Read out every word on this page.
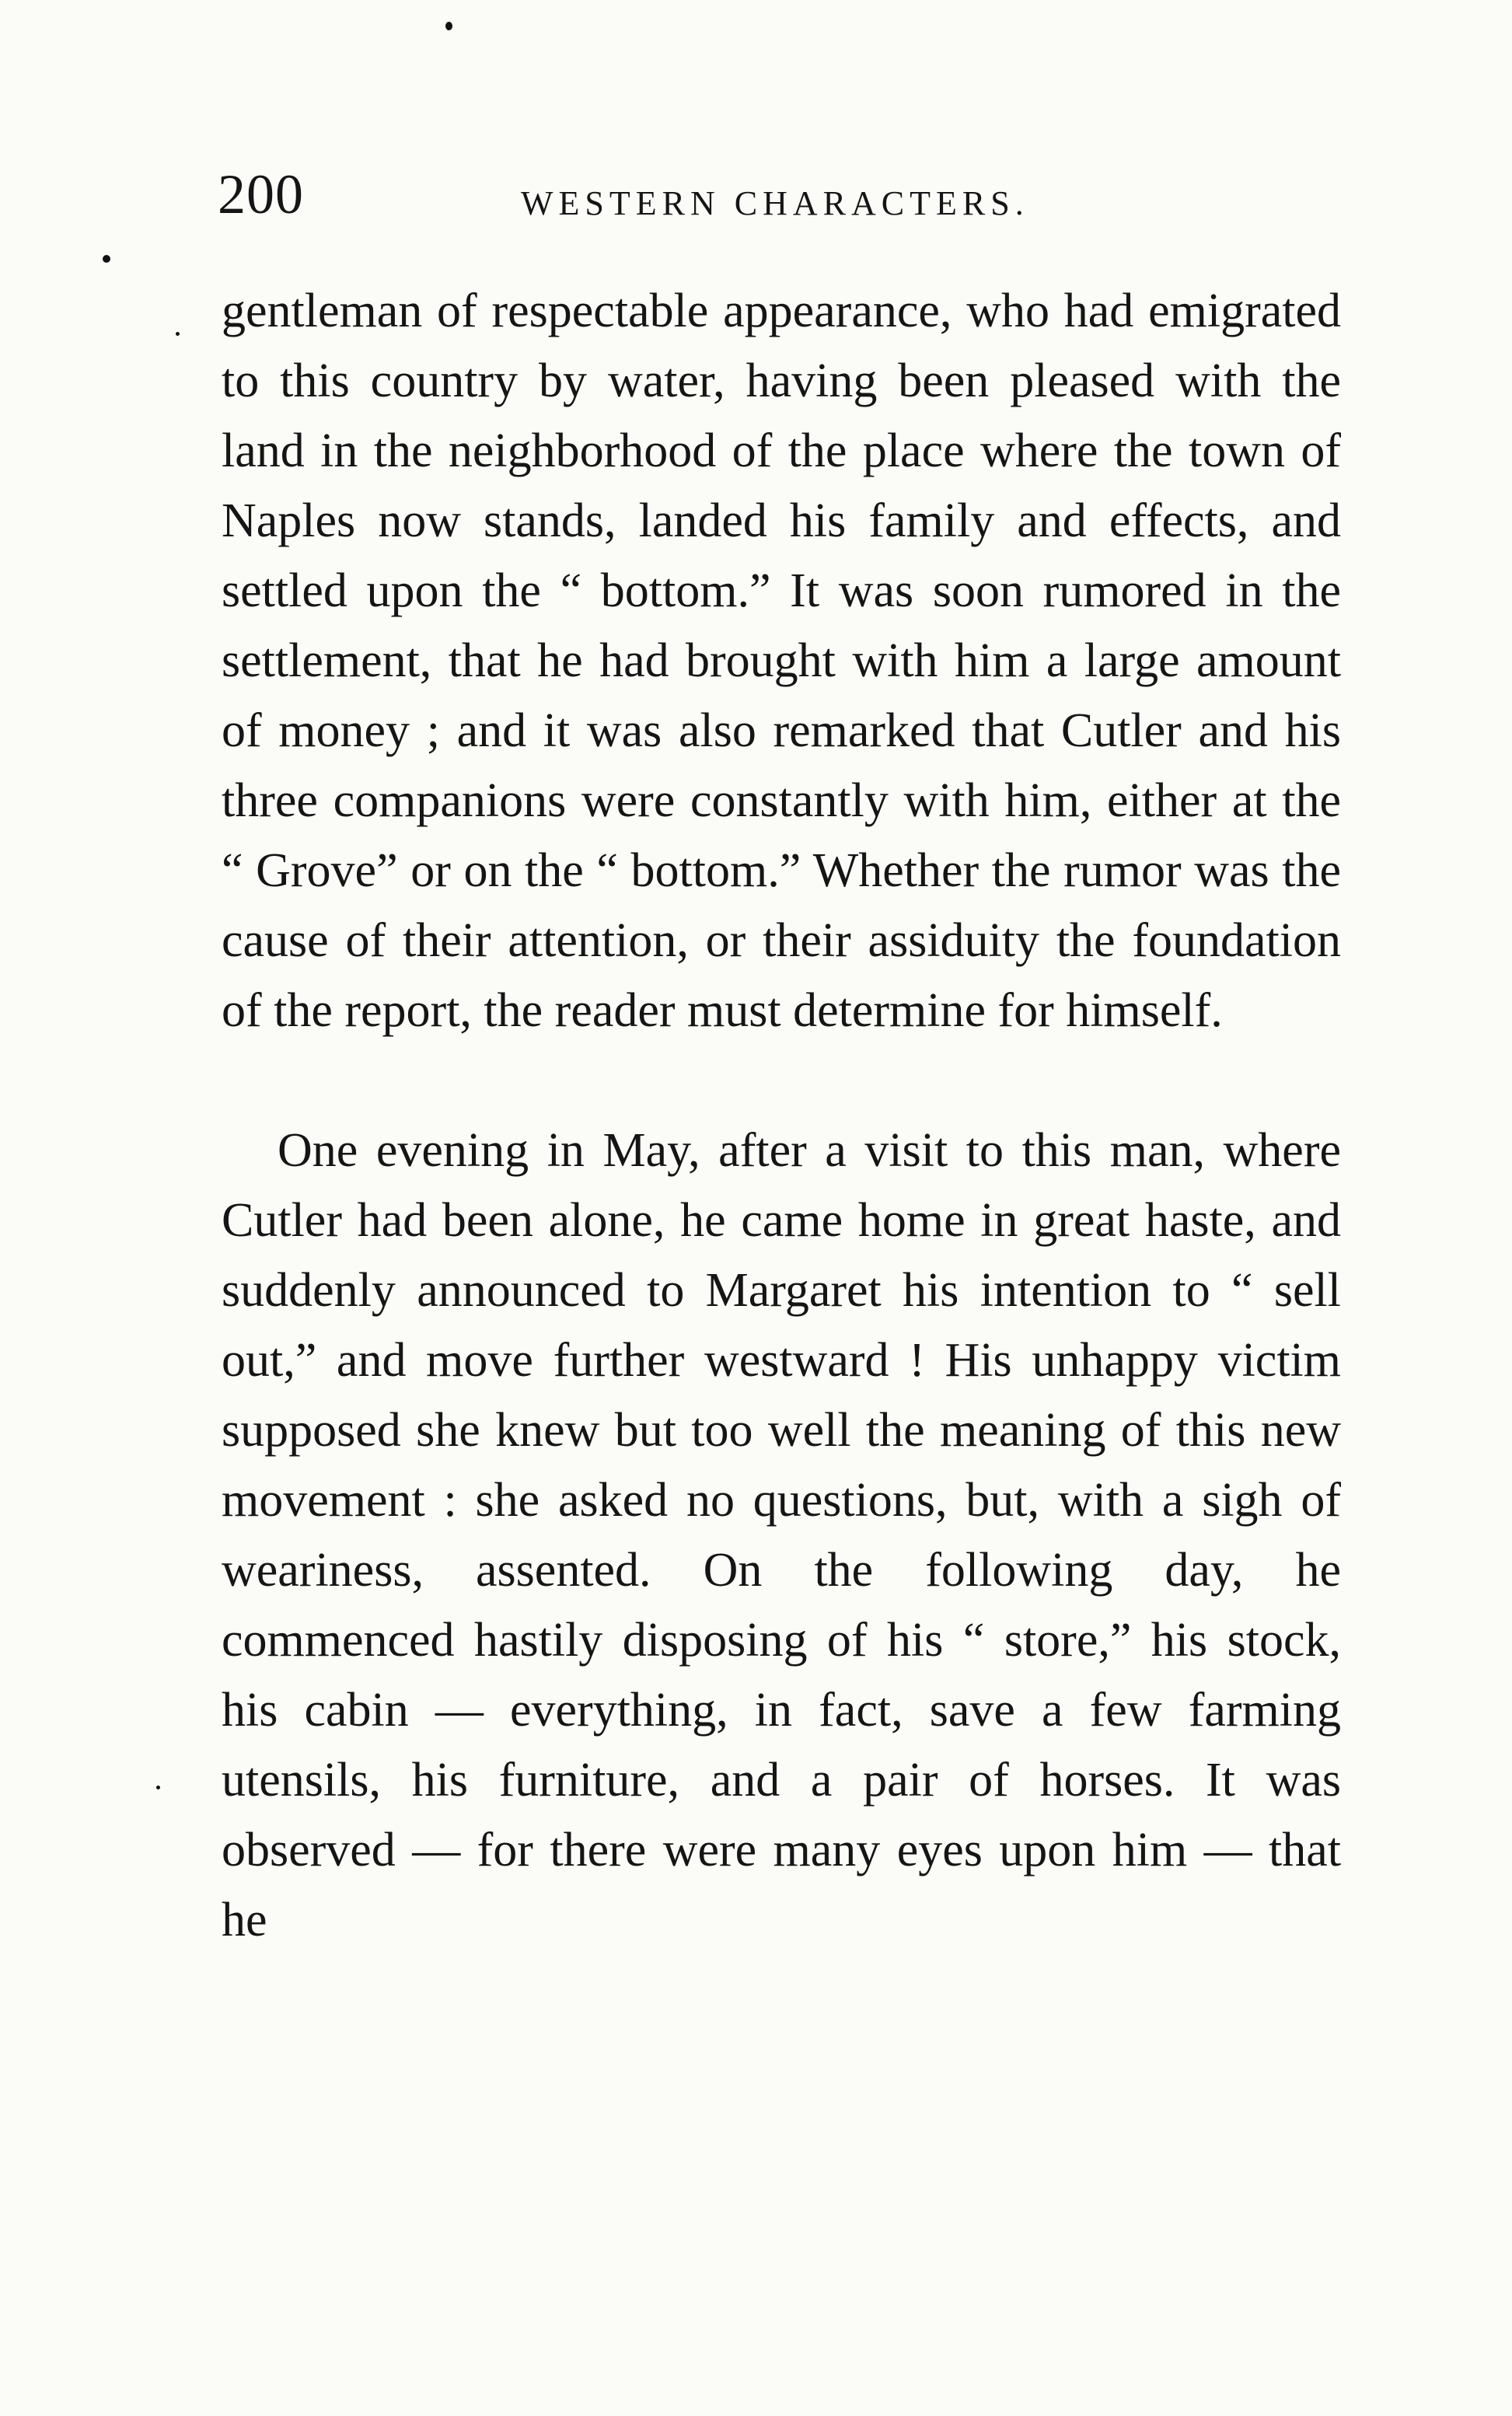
200	WESTERN CHARACTERS.

gentleman of respectable appearance, who had emigrated to this country by water, having been pleased with the land in the neighborhood of the place where the town of Naples now stands, landed his family and effects, and settled upon the “ bottom.” It was soon rumored in the settlement, that he had brought with him a large amount of money ; and it was also remarked that Cutler and his three companions were constantly with him, either at the “ Grove” or on the “ bottom.” Whether the rumor was the cause of their attention, or their assiduity the foundation of the report, the reader must determine for himself.

One evening in May, after a visit to this man, where Cutler had been alone, he came home in great haste, and suddenly announced to Margaret his intention to “ sell out,” and move further westward ! His unhappy victim supposed she knew but too well the meaning of this new movement : she asked no questions, but, with a sigh of weariness, assented. On the following day, he commenced hastily disposing of his “ store,” his stock, his cabin — everything, in fact, save a few farming utensils, his furniture, and a pair of horses. It was observed — for there were many eyes upon him — that he
